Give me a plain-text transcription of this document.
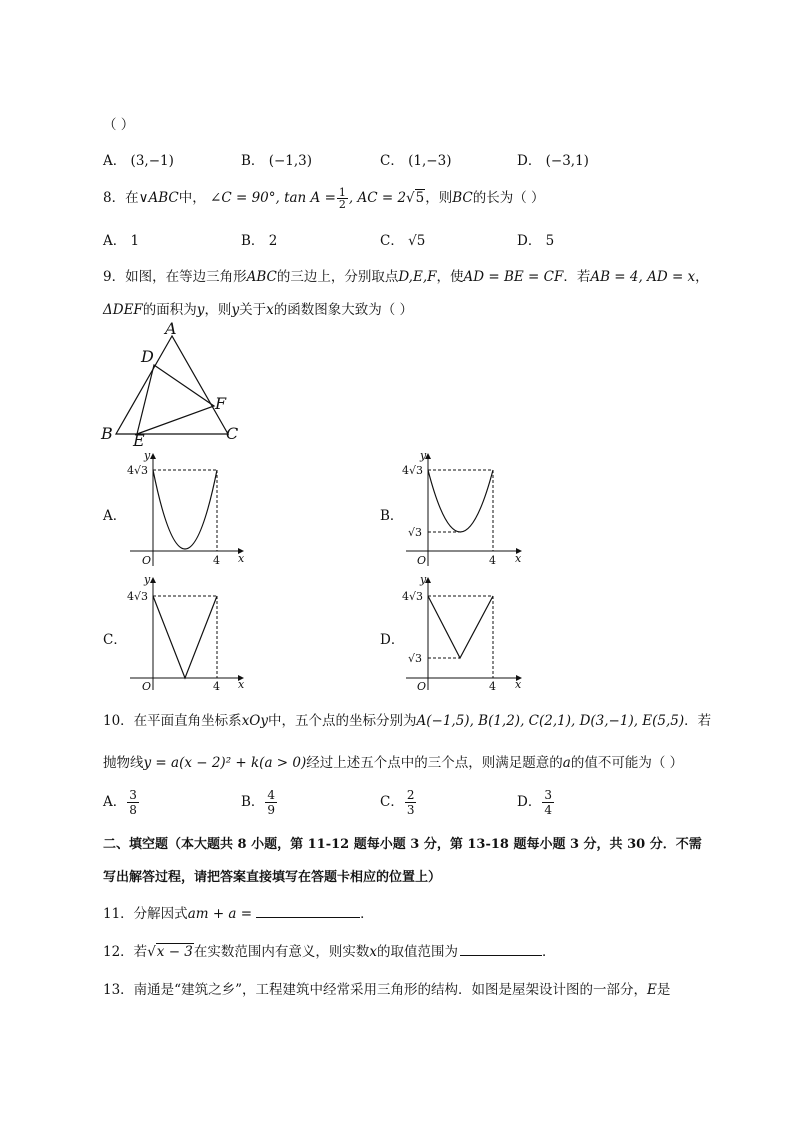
（ ）
A． (3,−1)	B． (−1,3)	C． (1,−3)	D． (−3,1)
8．在∨ABC中， ∠C = 90°, $\tan A = \frac{1}{2}$ , AC = 2√5，则BC的长为（ ）
A． 1	B． 2	C． √5	D． 5
9．如图，在等边三角形ABC的三边上，分别取点D,E,F，使AD = BE = CF．若AB = 4, AD = x，
ΔDEF的面积为y，则y关于x的函数图象大致为（ ）
A
D
F
B E	C
A．	B．
C．	D．
y
4√3
O	4 x
y
4√3
√3
O	4 x
y
4√3
O	4 x
y
4√3
√3
O	4 x
10．在平面直角坐标系xOy中，五个点的坐标分别为A(−1,5), B(1,2), C(2,1), D(3,−1), E(5,5)．若
抛物线y = a(x − 2)² + k(a > 0)经过上述五个点中的三个点，则满足题意的a的值不可能为（ ）
A． $\frac{3}{8}$	B． $\frac{4}{9}$	C． $\frac{2}{3}$	D． $\frac{3}{4}$
二、填空题（本大题共 8 小题，第 11-12 题每小题 3 分，第 13-18 题每小题 3 分，共 30 分．不需
写出解答过程，请把答案直接填写在答题卡相应的位置上）
11．分解因式am + a =	．
12．若√x − 3在实数范围内有意义，则实数x的取值范围为	．
13．南通是“建筑之乡”，工程建筑中经常采用三角形的结构．如图是屋架设计图的一部分，E是
